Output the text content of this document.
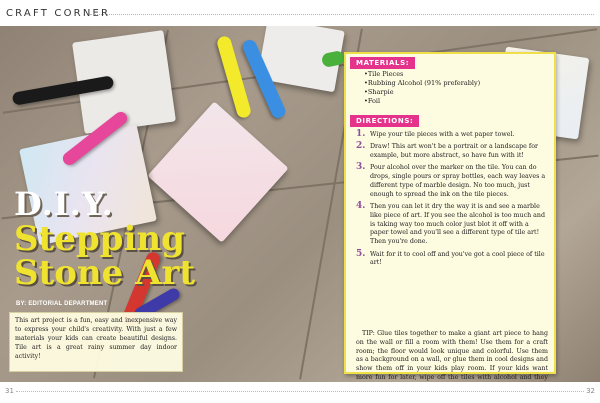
CRAFT CORNER
D.I.Y.
Stepping
Stone Art
BY: EDITORIAL DEPARTMENT
This art project is a fun, easy and inexpensive way to express your child's creativity. With just a few materials your kids can create beautiful designs. Tile art is a great rainy summer day indoor activity!
MATERIALS:
• Tile Pieces
• Rubbing Alcohol (91% preferably)
• Sharpie
• Foil
DIRECTIONS:
1. Wipe your tile pieces with a wet paper towel.
2. Draw! This art won't be a portrait or a landscape for example, but more abstract, so have fun with it!
3. Pour alcohol over the marker on the tile. You can do drops, single pours or spray bottles, each way leaves a different type of marble design. No too much, just enough to spread the ink on the tile pieces.
4. Then you can let it dry the way it is and see a marble like piece of art. If you see the alcohol is too much and is taking way too much color just blot it off with a paper towel and you'll see a different type of tile art! Then you're done.
5. Wait for it to cool off and you've got a cool piece of tile art!
TIP: Glue tiles together to make a giant art piece to hang on the wall or fill a room with them! Use them for a craft room; the floor would look unique and colorful. Use them as a background on a wall, or glue them in cool designs and show them off in your kids play room. If your kids want more fun for later, wipe off the tiles with alcohol and they
31	32
